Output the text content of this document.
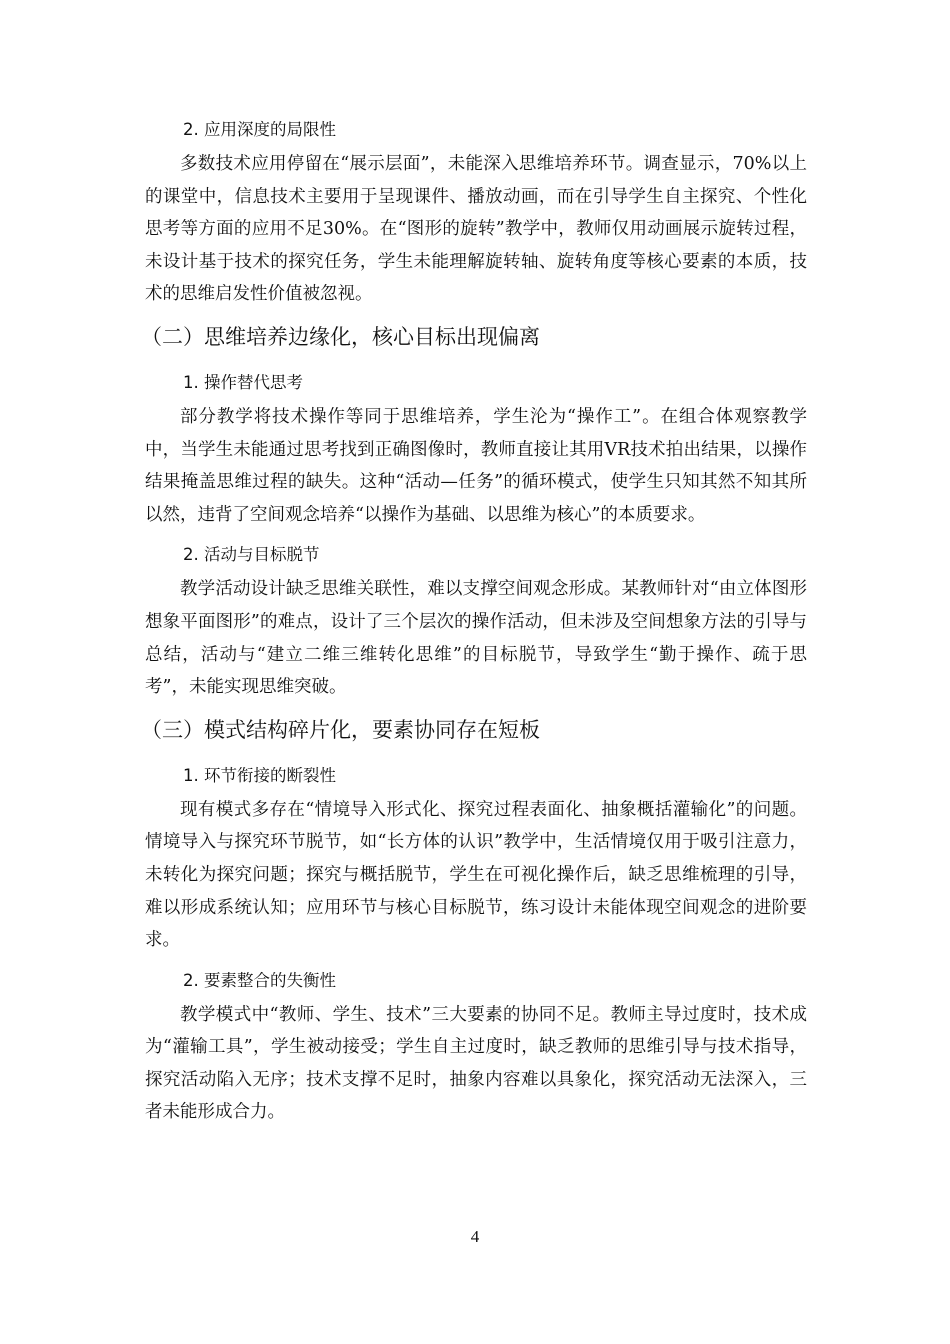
2. 应用深度的局限性

多数技术应用停留在“展示层面”，未能深入思维培养环节。调查显示，70%以上的课堂中，信息技术主要用于呈现课件、播放动画，而在引导学生自主探究、个性化思考等方面的应用不足30%。在“图形的旋转”教学中，教师仅用动画展示旋转过程，未设计基于技术的探究任务，学生未能理解旋转轴、旋转角度等核心要素的本质，技术的思维启发性价值被忽视。

（二）思维培养边缘化，核心目标出现偏离
1. 操作替代思考

部分教学将技术操作等同于思维培养，学生沦为“操作工”。在组合体观察教学中，当学生未能通过思考找到正确图像时，教师直接让其用VR技术拍出结果，以操作结果掩盖思维过程的缺失。这种“活动—任务”的循环模式，使学生只知其然不知其所以然，违背了空间观念培养“以操作为基础、以思维为核心”的本质要求。

2. 活动与目标脱节

教学活动设计缺乏思维关联性，难以支撑空间观念形成。某教师针对“由立体图形想象平面图形”的难点，设计了三个层次的操作活动，但未涉及空间想象方法的引导与总结，活动与“建立二维三维转化思维”的目标脱节，导致学生“勤于操作、疏于思考”，未能实现思维突破。

（三）模式结构碎片化，要素协同存在短板
1. 环节衔接的断裂性

现有模式多存在“情境导入形式化、探究过程表面化、抽象概括灌输化”的问题。情境导入与探究环节脱节，如“长方体的认识”教学中，生活情境仅用于吸引注意力，未转化为探究问题；探究与概括脱节，学生在可视化操作后，缺乏思维梳理的引导，难以形成系统认知；应用环节与核心目标脱节，练习设计未能体现空间观念的进阶要求。

2. 要素整合的失衡性

教学模式中“教师、学生、技术”三大要素的协同不足。教师主导过度时，技术成为“灌输工具”，学生被动接受；学生自主过度时，缺乏教师的思维引导与技术指导，探究活动陷入无序；技术支撑不足时，抽象内容难以具象化，探究活动无法深入，三者未能形成合力。

4
